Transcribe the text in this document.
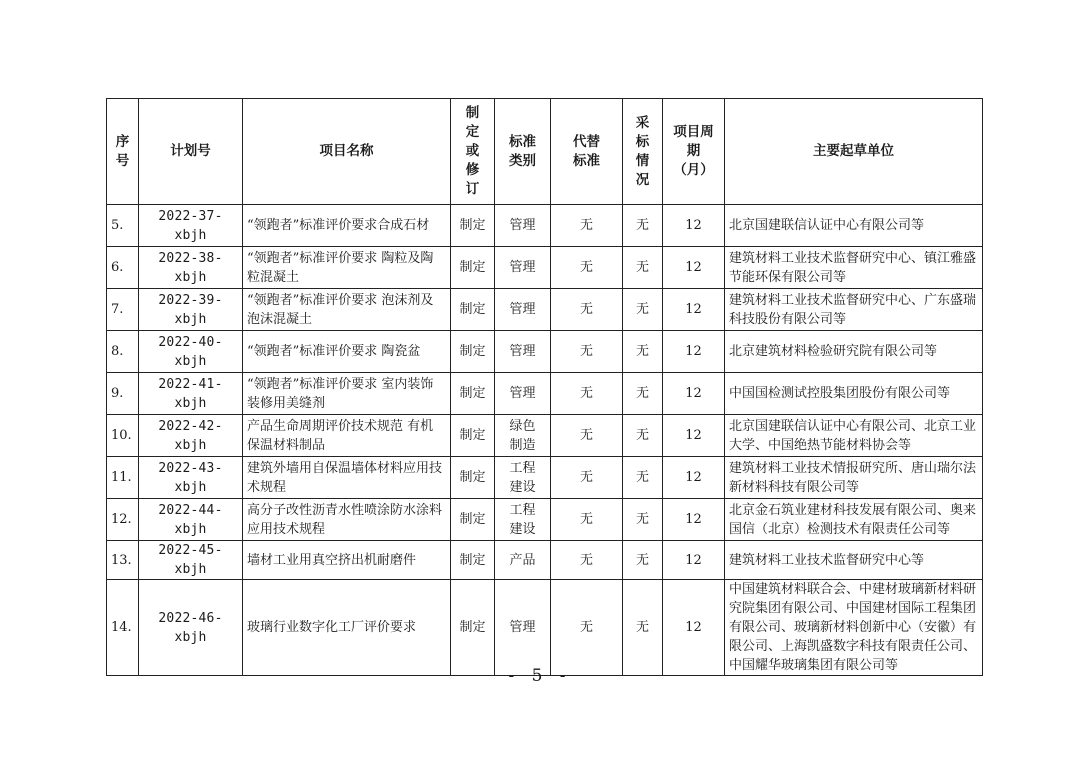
序号	计划号	项目名称	制定或修订	标准类别	代替标准	采标情况	项目周期（月）	主要起草单位
5.	2022-37-xbjh	“领跑者”标准评价要求合成石材	制定	管理	无	无	12	北京国建联信认证中心有限公司等
6.	2022-38-xbjh	“领跑者”标准评价要求 陶粒及陶粒混凝土	制定	管理	无	无	12	建筑材料工业技术监督研究中心、镇江雅盛节能环保有限公司等
7.	2022-39-xbjh	“领跑者”标准评价要求 泡沫剂及泡沫混凝土	制定	管理	无	无	12	建筑材料工业技术监督研究中心、广东盛瑞科技股份有限公司等
8.	2022-40-xbjh	“领跑者”标准评价要求 陶瓷盆	制定	管理	无	无	12	北京建筑材料检验研究院有限公司等
9.	2022-41-xbjh	“领跑者”标准评价要求 室内装饰装修用美缝剂	制定	管理	无	无	12	中国国检测试控股集团股份有限公司等
10.	2022-42-xbjh	产品生命周期评价技术规范 有机保温材料制品	制定	绿色制造	无	无	12	北京国建联信认证中心有限公司、北京工业大学、中国绝热节能材料协会等
11.	2022-43-xbjh	建筑外墙用自保温墙体材料应用技术规程	制定	工程建设	无	无	12	建筑材料工业技术情报研究所、唐山瑞尔法新材料科技有限公司等
12.	2022-44-xbjh	高分子改性沥青水性喷涂防水涂料应用技术规程	制定	工程建设	无	无	12	北京金石筑业建材科技发展有限公司、奥来国信（北京）检测技术有限责任公司等
13.	2022-45-xbjh	墙材工业用真空挤出机耐磨件	制定	产品	无	无	12	建筑材料工业技术监督研究中心等
14.	2022-46-xbjh	玻璃行业数字化工厂评价要求	制定	管理	无	无	12	中国建筑材料联合会、中建材玻璃新材料研究院集团有限公司、中国建材国际工程集团有限公司、玻璃新材料创新中心（安徽）有限公司、上海凯盛数字科技有限责任公司、中国耀华玻璃集团有限公司等
- 5 -
